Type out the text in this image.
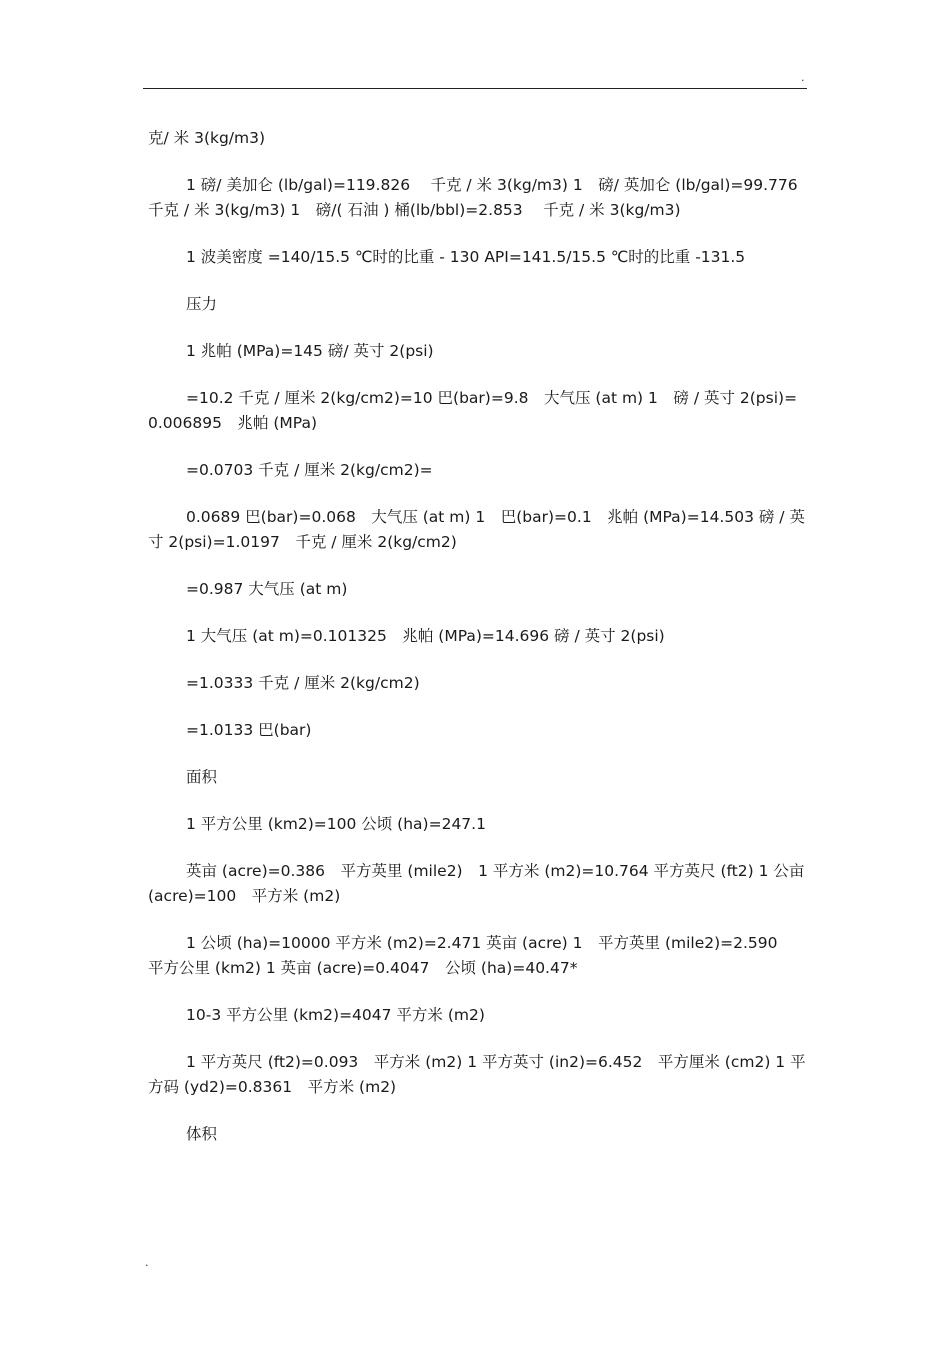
.

克/ 米 3(kg/m3)

1 磅/ 美加仑 (lb/gal)=119.826　 千克 / 米 3(kg/m3) 1　磅/ 英加仑 (lb/gal)=99.776　 千克 / 米 3(kg/m3) 1　磅/( 石油 ) 桶(lb/bbl)=2.853　 千克 / 米 3(kg/m3)

1 波美密度 =140/15.5 ℃时的比重 - 130 API=141.5/15.5 ℃时的比重 -131.5

压力

1 兆帕 (MPa)=145 磅/ 英寸 2(psi)

=10.2 千克 / 厘米 2(kg/cm2)=10 巴(bar)=9.8　大气压 (at m) 1　磅 / 英寸 2(psi)=0.006895　兆帕 (MPa)

=0.0703 千克 / 厘米 2(kg/cm2)=

0.0689 巴(bar)=0.068　大气压 (at m) 1　巴(bar)=0.1　兆帕 (MPa)=14.503 磅 / 英寸 2(psi)=1.0197　千克 / 厘米 2(kg/cm2)

=0.987 大气压 (at m)

1 大气压 (at m)=0.101325　兆帕 (MPa)=14.696 磅 / 英寸 2(psi)

=1.0333 千克 / 厘米 2(kg/cm2)

=1.0133 巴(bar)

面积

1 平方公里 (km2)=100 公顷 (ha)=247.1

英亩 (acre)=0.386　平方英里 (mile2)　1 平方米 (m2)=10.764 平方英尺 (ft2) 1 公亩 (acre)=100　平方米 (m2)

1 公顷 (ha)=10000 平方米 (m2)=2.471 英亩 (acre) 1　平方英里 (mile2)=2.590　平方公里 (km2) 1 英亩 (acre)=0.4047　公顷 (ha)=40.47*

10-3 平方公里 (km2)=4047 平方米 (m2)

1 平方英尺 (ft2)=0.093　平方米 (m2) 1 平方英寸 (in2)=6.452　平方厘米 (cm2) 1 平方码 (yd2)=0.8361　平方米 (m2)

体积

.
